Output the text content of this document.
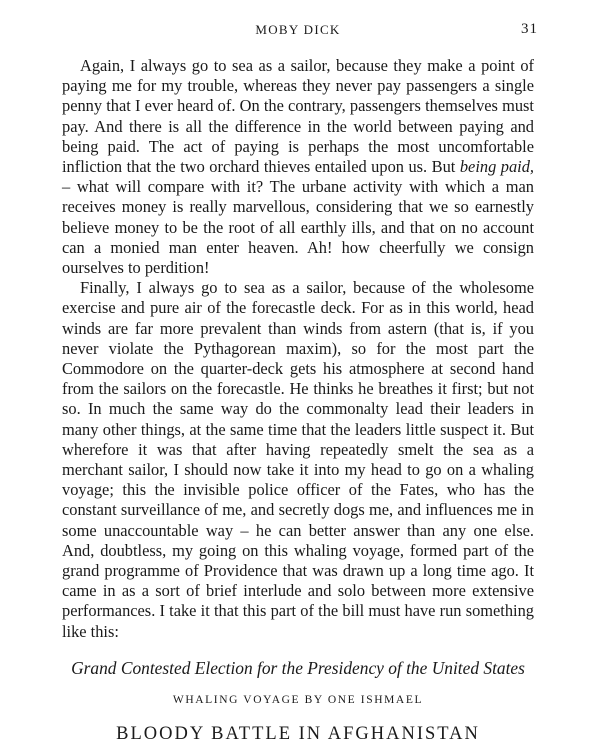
MOBY DICK	31

Again, I always go to sea as a sailor, because they make a point of paying me for my trouble, whereas they never pay passengers a single penny that I ever heard of. On the contrary, passengers themselves must pay. And there is all the difference in the world between paying and being paid. The act of paying is perhaps the most uncomfortable infliction that the two orchard thieves entailed upon us. But being paid, – what will compare with it? The urbane activity with which a man receives money is really marvellous, considering that we so earnestly believe money to be the root of all earthly ills, and that on no account can a monied man enter heaven. Ah! how cheerfully we consign ourselves to perdition!

Finally, I always go to sea as a sailor, because of the wholesome exercise and pure air of the forecastle deck. For as in this world, head winds are far more prevalent than winds from astern (that is, if you never violate the Pythagorean maxim), so for the most part the Commodore on the quarter-deck gets his atmosphere at second hand from the sailors on the forecastle. He thinks he breathes it first; but not so. In much the same way do the commonalty lead their leaders in many other things, at the same time that the leaders little suspect it. But wherefore it was that after having repeatedly smelt the sea as a merchant sailor, I should now take it into my head to go on a whaling voyage; this the invisible police officer of the Fates, who has the constant surveillance of me, and secretly dogs me, and influences me in some unaccountable way – he can better answer than any one else. And, doubtless, my going on this whaling voyage, formed part of the grand programme of Providence that was drawn up a long time ago. It came in as a sort of brief interlude and solo between more extensive performances. I take it that this part of the bill must have run something like this:

Grand Contested Election for the Presidency of the United States
WHALING VOYAGE BY ONE ISHMAEL
BLOODY BATTLE IN AFGHANISTAN
